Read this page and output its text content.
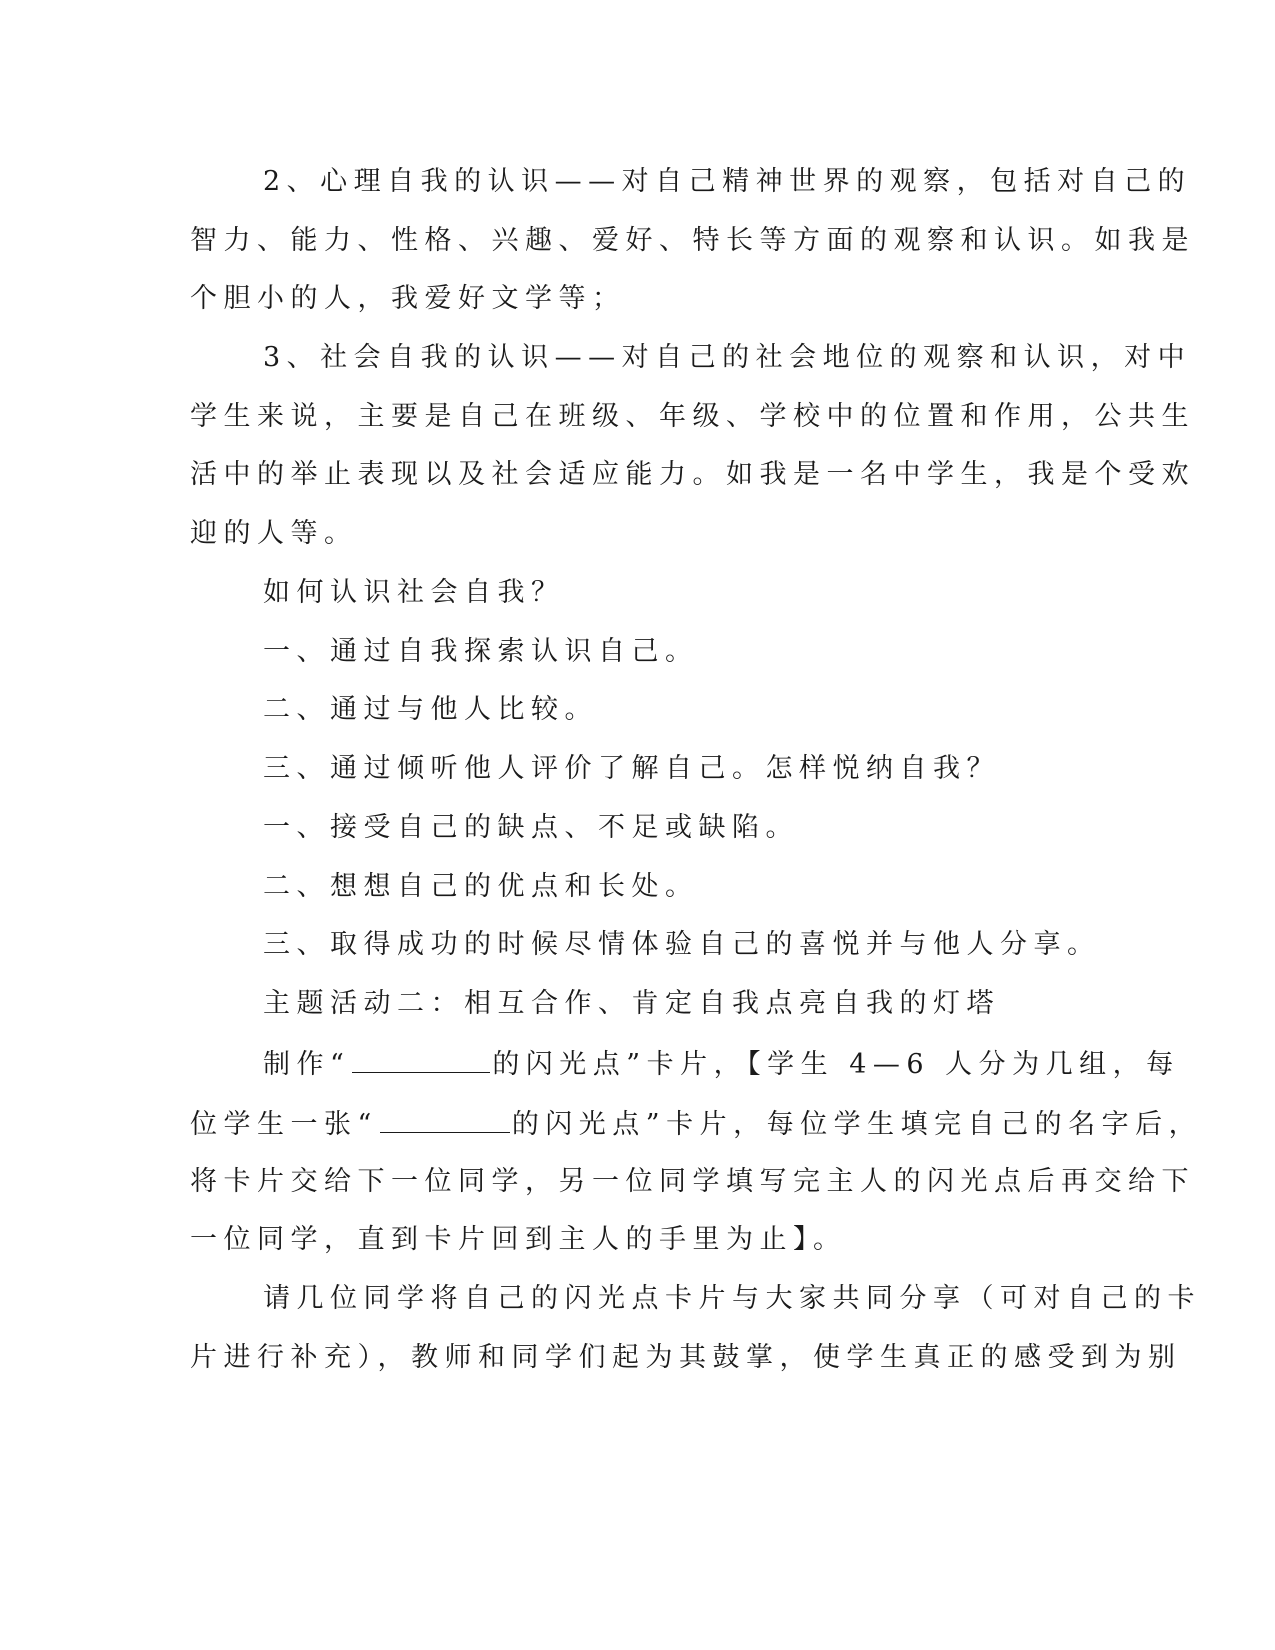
2、心理自我的认识——对自己精神世界的观察，包括对自己的
智力、能力、性格、兴趣、爱好、特长等方面的观察和认识。如我是
个胆小的人，我爱好文学等；
3、社会自我的认识——对自己的社会地位的观察和认识，对中
学生来说，主要是自己在班级、年级、学校中的位置和作用，公共生
活中的举止表现以及社会适应能力。如我是一名中学生，我是个受欢
迎的人等。
如何认识社会自我？
一、通过自我探索认识自己。
二、通过与他人比较。
三、通过倾听他人评价了解自己。怎样悦纳自我？
一、接受自己的缺点、不足或缺陷。
二、想想自己的优点和长处。
三、取得成功的时候尽情体验自己的喜悦并与他人分享。
主题活动二：相互合作、肯定自我点亮自我的灯塔
制作“	的闪光点”卡片，【学生 4—6 人分为几组，每
位学生一张“	的闪光点”卡片，每位学生填完自己的名字后，
将卡片交给下一位同学，另一位同学填写完主人的闪光点后再交给下
一位同学，直到卡片回到主人的手里为止】。
请几位同学将自己的闪光点卡片与大家共同分享（可对自己的卡
片进行补充），教师和同学们起为其鼓掌，使学生真正的感受到为别
